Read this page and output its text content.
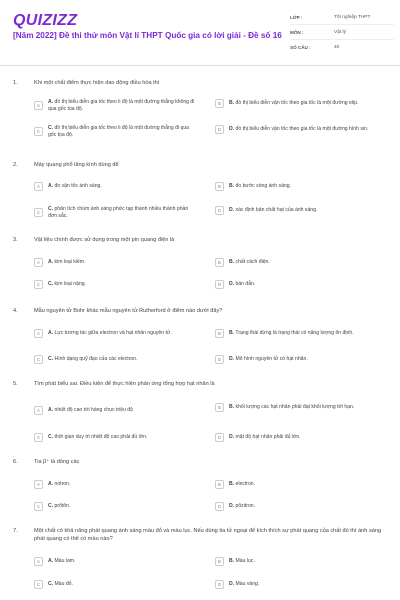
QUIZIZZ
[Năm 2022] Đề thi thử môn Vật lí THPT Quốc gia có lời giải - Đề số 16
LỚP :	Tốt nghiệp THPT
MÔN :	Vật lý
SỐ CÂU :	40
1.	Khi một chất điểm thực hiện dao động điều hòa thì
A
A. đồ thị biểu diễn gia tốc theo li độ là một đường thẳng không đi qua gốc tọa độ.
B	B. đồ thị biểu diễn vận tốc theo gia tốc là một đường elip.
C
C. đồ thị biểu diễn gia tốc theo li độ là một đường thẳng đi qua gốc tọa độ.
D	D. đồ thị biểu diễn vận tốc theo gia tốc là một đường hình sin.
2.	Máy quang phổ lăng kính dùng để
A	A. đo vận tốc ánh sáng.	B	B. đo bước sóng ánh sáng.
C
C. phân tích chùm ánh sáng phức tạp thành nhiều thành phần đơn sắc.
D	D. xác định bản chất hạt của ánh sáng.
3.	Vật liệu chính được sử dụng trong một pin quang điện là
A	A. kim loại kiềm.	B	B. chất cách điện.
C	C. kim loại nặng.	D	D. bán dẫn.
4.	Mẫu nguyên tử Bohr khác mẫu nguyên tử Rutherford ở điểm nào dưới đây?
A	A. Lực tương tác giữa electron và hạt nhân nguyên tử.	B	B. Trạng thái dừng là trạng thái có năng lượng ổn định.
C	C. Hình dạng quỹ đạo của các electron.	D	D. Mô hình nguyên tử có hạt nhân.
5.	Tìm phát biểu sai. Điều kiện để thực hiện phản ứng tổng hợp hạt nhân là
A	A. nhiệt độ cao tới hàng chục triệu độ	B	B. khối lượng các hạt nhân phải đạt khối lượng tới hạn.
C	C. thời gian duy trì nhiệt độ cao phải đủ lớn.	D	D. mật độ hạt nhân phải đủ lớn.
6.	Tia β⁺ là dòng các
A	A. notron.	B	B. electron.
C	C. prôtôn.	D	D. pôzitron.
7.	Một chất có khả năng phát quang ánh sáng màu đỏ và màu lục. Nếu dùng tia tử ngoại để kích thích sự phát quang của chất đó thì ánh sáng phát quang có thể có màu nào?
A	A. Màu lam.	B	B. Màu lục.
C	C. Màu đỏ.	D	D. Màu vàng.
